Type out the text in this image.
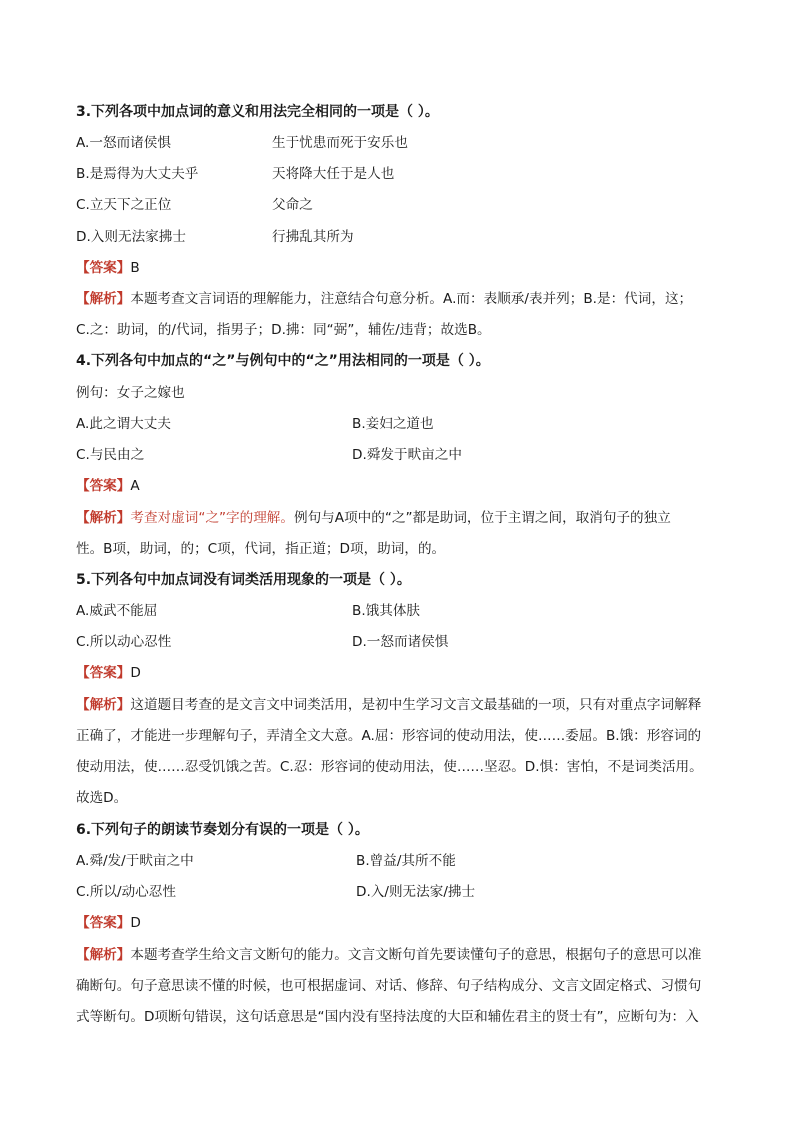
3.下列各项中加点词的意义和用法完全相同的一项是（ ）。
A.一怒而诸侯惧	生于忧患而死于安乐也
B.是焉得为大丈夫乎	天将降大任于是人也
C.立天下之正位	父命之
D.入则无法家拂士	行拂乱其所为
【答案】B
【解析】本题考查文言词语的理解能力，注意结合句意分析。A.而：表顺承/表并列；B.是：代词，这；
C.之：助词，的/代词，指男子；D.拂：同“弼”，辅佐/违背；故选B。
4.下列各句中加点的“之”与例句中的“之”用法相同的一项是（ ）。
例句：女子之嫁也
A.此之谓大丈夫	B.妾妇之道也
C.与民由之	D.舜发于畎亩之中
【答案】A
【解析】考查对虚词“之”字的理解。例句与A项中的“之”都是助词，位于主谓之间，取消句子的独立
性。B项，助词，的；C项，代词，指正道；D项，助词，的。
5.下列各句中加点词没有词类活用现象的一项是（ ）。
A.威武不能屈	B.饿其体肤
C.所以动心忍性	D.一怒而诸侯惧
【答案】D
【解析】这道题目考查的是文言文中词类活用，是初中生学习文言文最基础的一项，只有对重点字词解释
正确了，才能进一步理解句子，弄清全文大意。A.屈：形容词的使动用法，使……委屈。B.饿：形容词的
使动用法，使……忍受饥饿之苦。C.忍：形容词的使动用法，使……坚忍。D.惧：害怕，不是词类活用。
故选D。
6.下列句子的朗读节奏划分有误的一项是（ ）。
A.舜/发/于畎亩之中	B.曾益/其所不能
C.所以/动心忍性	D.入/则无法家/拂士
【答案】D
【解析】本题考查学生给文言文断句的能力。文言文断句首先要读懂句子的意思，根据句子的意思可以准
确断句。句子意思读不懂的时候，也可根据虚词、对话、修辞、句子结构成分、文言文固定格式、习惯句
式等断句。D项断句错误，这句话意思是“国内没有坚持法度的大臣和辅佐君主的贤士有”，应断句为：入
